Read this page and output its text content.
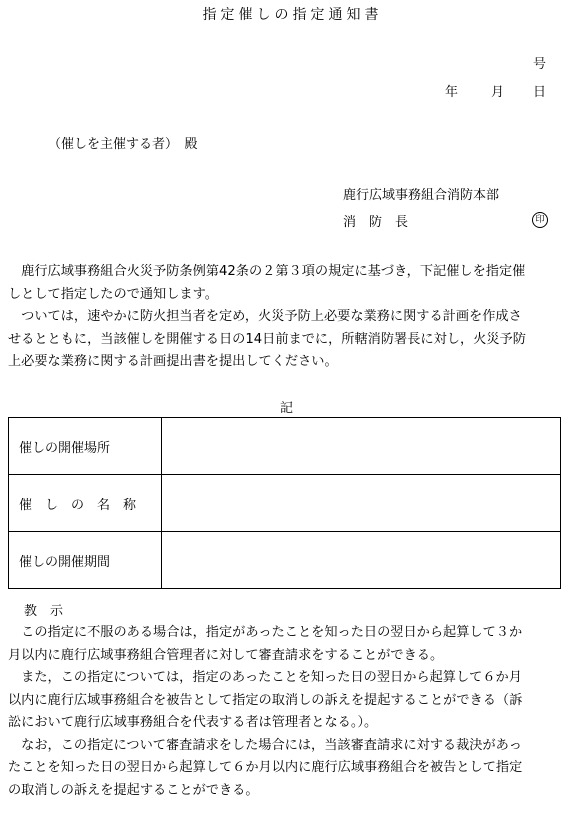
指定催しの指定通知書
号
年	月 日
（催しを主催する者）　殿
鹿行広域事務組合消防本部
消　防　長	印
　鹿行広域事務組合火災予防条例第42条の２第３項の規定に基づき，下記催しを指定催
しとして指定したので通知します。
　ついては，速やかに防火担当者を定め，火災予防上必要な業務に関する計画を作成さ
せるとともに，当該催しを開催する日の14日前までに，所轄消防署長に対し，火災予防
上必要な業務に関する計画提出書を提出してください。
記
催しの開催場所	
催　し　の　名　称	
催しの開催期間	
教　示
　この指定に不服のある場合は，指定があったことを知った日の翌日から起算して３か
月以内に鹿行広域事務組合管理者に対して審査請求をすることができる。
　また，この指定については，指定のあったことを知った日の翌日から起算して６か月
以内に鹿行広域事務組合を被告として指定の取消しの訴えを提起することができる（訴
訟において鹿行広域事務組合を代表する者は管理者となる。）。
　なお，この指定について審査請求をした場合には，当該審査請求に対する裁決があっ
たことを知った日の翌日から起算して６か月以内に鹿行広域事務組合を被告として指定
の取消しの訴えを提起することができる。
